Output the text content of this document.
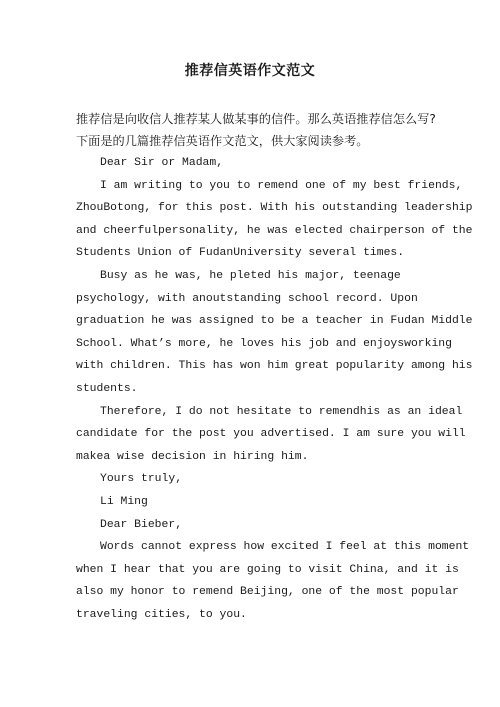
推荐信英语作文范文
推荐信是向收信人推荐某人做某事的信件。那么英语推荐信怎么写?
下面是的几篇推荐信英语作文范文，供大家阅读参考。
Dear Sir or Madam,
I am writing to you to remend one of my best friends,
ZhouBotong, for this post. With his outstanding leadership
and cheerfulpersonality, he was elected chairperson of the
Students Union of FudanUniversity several times.
Busy as he was, he pleted his major, teenage
psychology, with anoutstanding school record. Upon
graduation he was assigned to be a teacher in Fudan Middle
School. What’s more, he loves his job and enjoysworking
with children. This has won him great popularity among his
students.
Therefore, I do not hesitate to remendhis as an ideal
candidate for the post you advertised. I am sure you will
makea wise decision in hiring him.
Yours truly,
Li Ming
Dear Bieber,
Words cannot express how excited I feel at this moment
when I hear that you are going to visit China, and it is
also my honor to remend Beijing, one of the most popular
traveling cities, to you.
